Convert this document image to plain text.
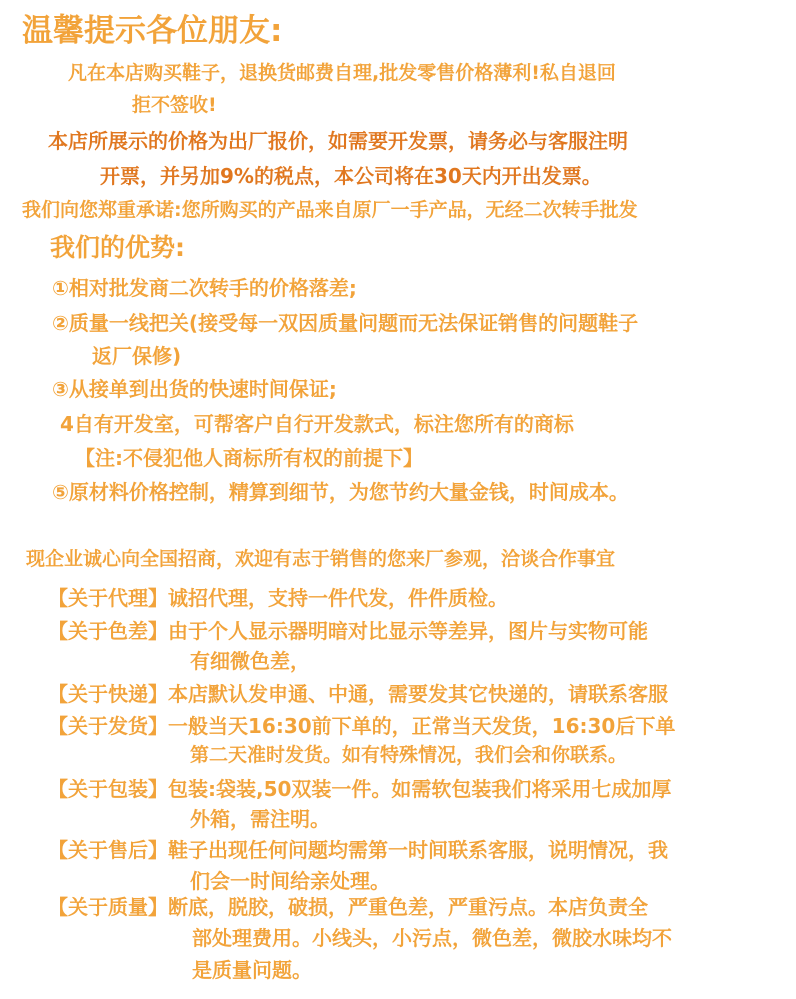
温馨提示各位朋友:
凡在本店购买鞋子，退换货邮费自理,批发零售价格薄利!私自退回
拒不签收!
本店所展示的价格为出厂报价，如需要开发票，请务必与客服注明
开票，并另加9%的税点，本公司将在30天内开出发票。
我们向您郑重承诺:您所购买的产品来自原厂一手产品，无经二次转手批发
我们的优势:
①相对批发商二次转手的价格落差;
②质量一线把关(接受每一双因质量问题而无法保证销售的问题鞋子
返厂保修)
③从接单到出货的快速时间保证;
4自有开发室，可帮客户自行开发款式，标注您所有的商标
【注:不侵犯他人商标所有权的前提下】
⑤原材料价格控制，精算到细节，为您节约大量金钱，时间成本。
现企业诚心向全国招商，欢迎有志于销售的您来厂参观，洽谈合作事宜
【关于代理】诚招代理，支持一件代发，件件质检。
【关于色差】由于个人显示器明暗对比显示等差异，图片与实物可能
有细微色差，
【关于快递】本店默认发申通、中通，需要发其它快递的，请联系客服
【关于发货】一般当天16:30前下单的，正常当天发货，16:30后下单
第二天准时发货。如有特殊情况，我们会和你联系。
【关于包装】包装:袋装,50双装一件。如需软包装我们将采用七成加厚
外箱，需注明。
【关于售后】鞋子出现任何问题均需第一时间联系客服，说明情况，我
们会一时间给亲处理。
【关于质量】断底，脱胶，破损，严重色差，严重污点。本店负责全
部处理费用。小线头，小污点，微色差，微胶水味均不
是质量问题。
